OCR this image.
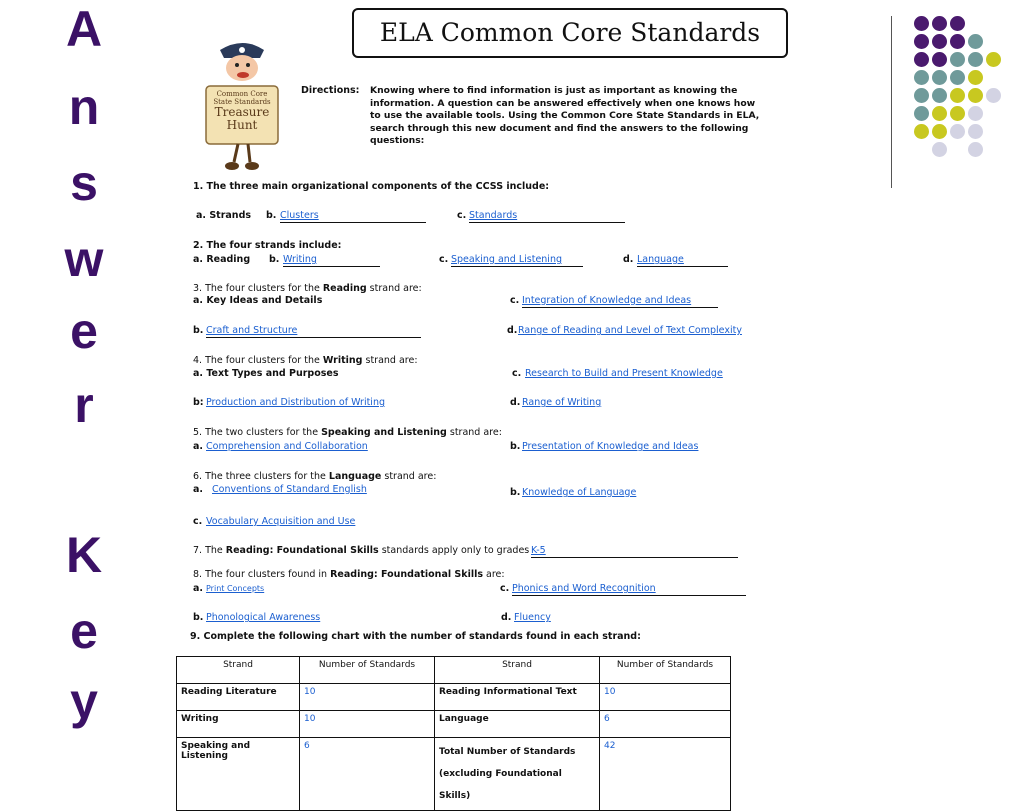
A
n
s
w
e
r
K
e
y
ELA Common Core Standards
Common Core
State Standards
Treasure
Hunt
Directions: Knowing where to find information is just as important as knowing the information. A question can be answered effectively when one knows how to use the available tools. Using the Common Core State Standards in ELA, search through this new document and find the answers to the following questions:
1. The three main organizational components of the CCSS include:
a. Strands b. Clusters	c. Standards
2. The four strands include:
a. Reading b. Writing	c. Speaking and Listening	d. Language
3. The four clusters for the Reading strand are:
a. Key Ideas and Details	c. Integration of Knowledge and Ideas
b. Craft and Structure	d. Range of Reading and Level of Text Complexity
4. The four clusters for the Writing strand are:
a. Text Types and Purposes	c. Research to Build and Present Knowledge
b: Production and Distribution of Writing	d. Range of Writing
5. The two clusters for the Speaking and Listening strand are:
a. Comprehension and Collaboration	b. Presentation of Knowledge and Ideas
6. The three clusters for the Language strand are:
a. Conventions of Standard English	b. Knowledge of Language
c. Vocabulary Acquisition and Use
7. The Reading: Foundational Skills standards apply only to grades K-5
8. The four clusters found in Reading: Foundational Skills are:
a. Print Concepts	c. Phonics and Word Recognition
b. Phonological Awareness	d. Fluency
9. Complete the following chart with the number of standards found in each strand:
Strand	Number of Standards	Strand	Number of Standards
Reading Literature	10	Reading Informational Text	10
Writing	10	Language	6
Speaking and Listening	6	Total Number of Standards (excluding Foundational Skills)	42
